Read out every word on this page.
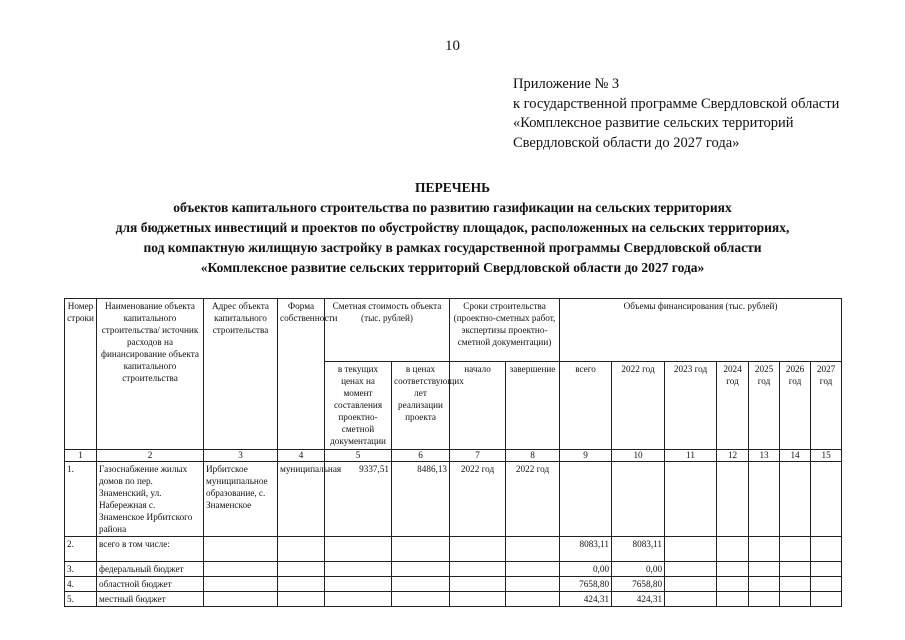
10
Приложение № 3
к государственной программе Свердловской области
«Комплексное развитие сельских территорий
Свердловской области до 2027 года»
ПЕРЕЧЕНЬ
объектов капитального строительства по развитию газификации на сельских территориях
для бюджетных инвестиций и проектов по обустройству площадок, расположенных на сельских территориях,
под компактную жилищную застройку в рамках государственной программы Свердловской области
«Комплексное развитие сельских территорий Свердловской области до 2027 года»
Номер строки	Наименование объекта капитального строительства/ источник расходов на финансирование объекта капитального строительства	Адрес объекта капитального строительства	Форма собственности	Сметная стоимость объекта (тыс. рублей)		Сроки строительства (проектно-сметных работ, экспертизы проектно-сметной документации)		Объемы финансирования (тыс. рублей)						
				в текущих ценах на момент составления проектно-сметной документации	в ценах соответствующих лет реализации проекта	начало	завершение	всего	2022 год	2023 год	2024 год	2025 год	2026 год	2027 год
1	2	3	4	5	6	7	8	9	10	11	12	13	14	15
1.	Газоснабжение жилых домов по пер. Знаменский, ул. Набережная с. Знаменское Ирбитского района	Ирбитское муниципальное образование, с. Знаменское	муниципальная	9337,51	8486,13	2022 год	2022 год							
2.	всего в том числе:							8083,11	8083,11					
3.	федеральный бюджет							0,00	0,00					
4.	областной бюджет							7658,80	7658,80					
5.	местный бюджет							424,31	424,31					
